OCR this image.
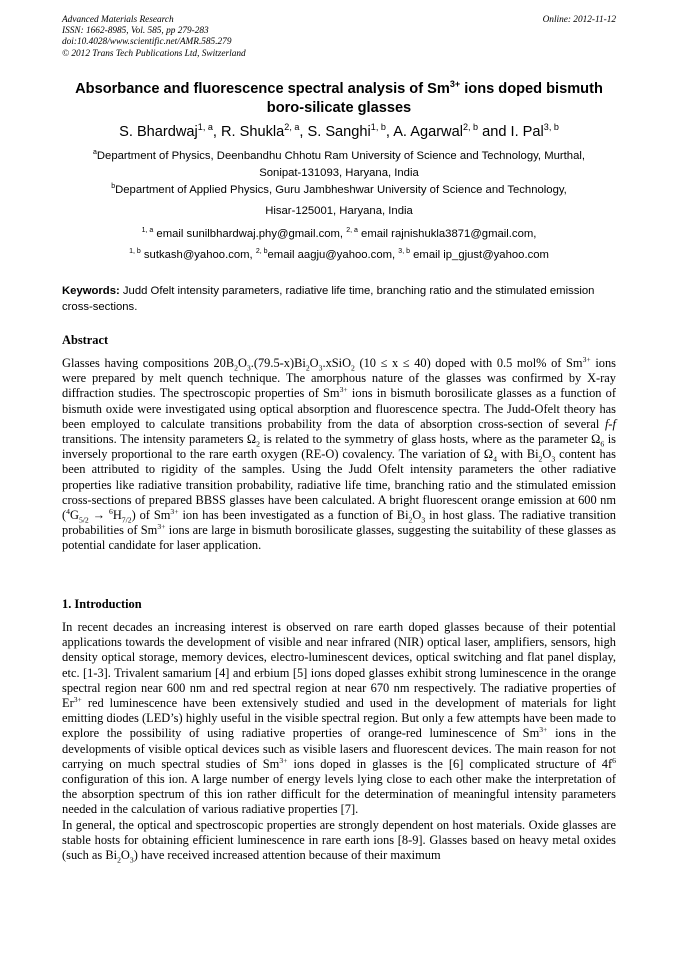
Advanced Materials Research
ISSN: 1662-8985, Vol. 585, pp 279-283
doi:10.4028/www.scientific.net/AMR.585.279
© 2012 Trans Tech Publications Ltd, Switzerland
Online: 2012-11-12
Absorbance and fluorescence spectral analysis of $Sm^{3+}$ ions doped bismuth boro-silicate glasses
S. Bhardwaj$^{1, a}$, R. Shukla$^{2, a}$, S. Sanghi$^{1, b}$, A. Agarwal$^{2, b}$ and I. Pal$^{3, b}$
$^a$Department of Physics, Deenbandhu Chhotu Ram University of Science and Technology, Murthal,
Sonipat-131093, Haryana, India
$^b$Department of Applied Physics, Guru Jambheshwar University of Science and Technology,
Hisar-125001, Haryana, India
$^{1, a}$ email sunilbhardwaj.phy@gmail.com, $^{2, a}$ email rajnishukla3871@gmail.com,
$^{1, b}$ sutkash@yahoo.com, $^{2, b}$email aagju@yahoo.com, $^{3, b}$ email ip_gjust@yahoo.com
Keywords: Judd Ofelt intensity parameters, radiative life time, branching ratio and the stimulated emission cross-sections.
Abstract
Glasses having compositions $20B_2O_3.(79.5-x)Bi_2O_3.xSiO_2$ (10 ≤ x ≤ 40) doped with 0.5 mol% of $Sm^{3+}$ ions were prepared by melt quench technique. The amorphous nature of the glasses was confirmed by X-ray diffraction studies. The spectroscopic properties of $Sm^{3+}$ ions in bismuth borosilicate glasses as a function of bismuth oxide were investigated using optical absorption and fluorescence spectra. The Judd-Ofelt theory has been employed to calculate transitions probability from the data of absorption cross-section of several f-f transitions. The intensity parameters $\Omega_2$ is related to the symmetry of glass hosts, where as the parameter $\Omega_6$ is inversely proportional to the rare earth oxygen (RE-O) covalency. The variation of $\Omega_4$ with $Bi_2O_3$ content has been attributed to rigidity of the samples. Using the Judd Ofelt intensity parameters the other radiative properties like radiative transition probability, radiative life time, branching ratio and the stimulated emission cross-sections of prepared BBSS glasses have been calculated. A bright fluorescent orange emission at 600 nm $(^4G_{5/2} \to ^6H_{7/2})$ of $Sm^{3+}$ ion has been investigated as a function of $Bi_2O_3$ in host glass. The radiative transition probabilities of $Sm^{3+}$ ions are large in bismuth borosilicate glasses, suggesting the suitability of these glasses as potential candidate for laser application.
1. Introduction
In recent decades an increasing interest is observed on rare earth doped glasses because of their potential applications towards the development of visible and near infrared (NIR) optical laser, amplifiers, sensors, high density optical storage, memory devices, electro-luminescent devices, optical switching and flat panel display, etc. [1-3]. Trivalent samarium [4] and erbium [5] ions doped glasses exhibit strong luminescence in the orange spectral region near 600 nm and red spectral region at near 670 nm respectively. The radiative properties of $Er^{3+}$ red luminescence have been extensively studied and used in the development of materials for light emitting diodes (LED’s) highly useful in the visible spectral region. But only a few attempts have been made to explore the possibility of using radiative properties of orange-red luminescence of $Sm^{3+}$ ions in the developments of visible optical devices such as visible lasers and fluorescent devices. The main reason for not carrying on much spectral studies of $Sm^{3+}$ ions doped in glasses is the [6] complicated structure of $4f^6$ configuration of this ion. A large number of energy levels lying close to each other make the interpretation of the absorption spectrum of this ion rather difficult for the determination of meaningful intensity parameters needed in the calculation of various radiative properties [7].
In general, the optical and spectroscopic properties are strongly dependent on host materials. Oxide glasses are stable hosts for obtaining efficient luminescence in rare earth ions [8-9]. Glasses based on heavy metal oxides (such as $Bi_2O_3$) have received increased attention because of their maximum
